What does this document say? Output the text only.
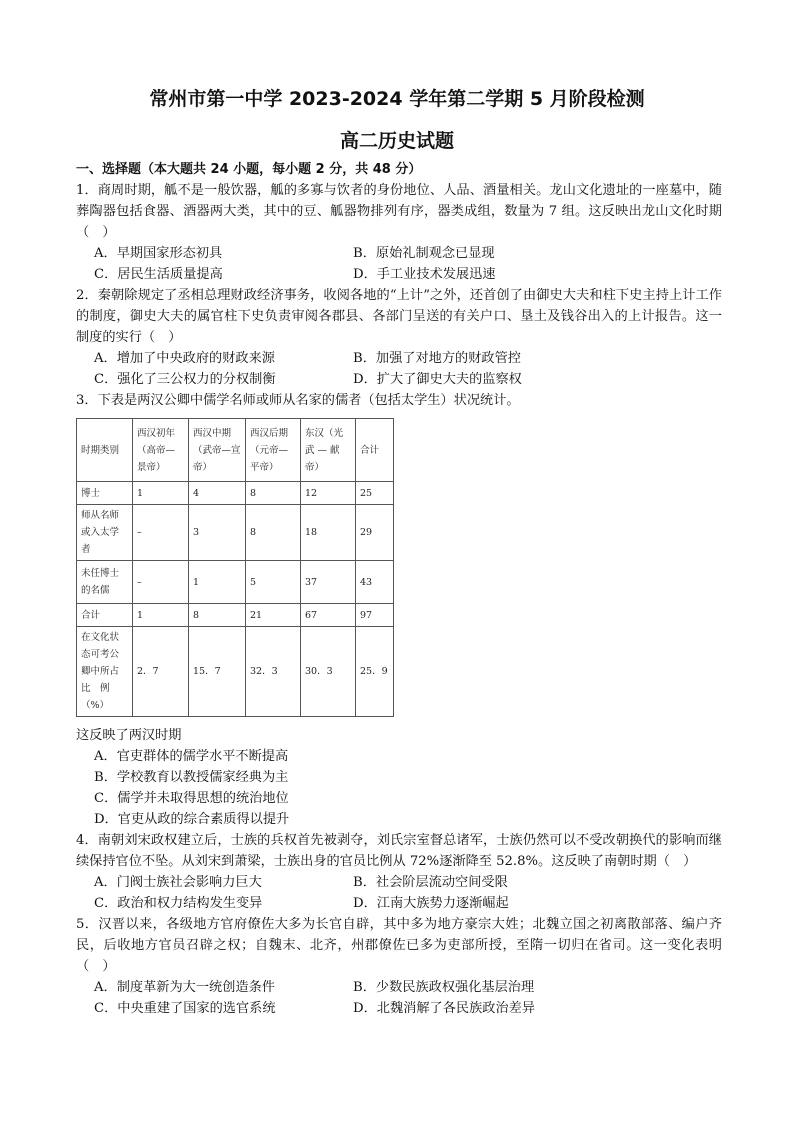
常州市第一中学 2023-2024 学年第二学期 5 月阶段检测
高二历史试题
一、选择题（本大题共 24 小题，每小题 2 分，共 48 分）
1．商周时期，觚不是一般饮器，觚的多寡与饮者的身份地位、人品、酒量相关。龙山文化遗址的一座墓中，随葬陶器包括食器、酒器两大类，其中的豆、觚器物排列有序，器类成组，数量为 7 组。这反映出龙山文化时期（　）
A．早期国家形态初具	B．原始礼制观念已显现
C．居民生活质量提高	D．手工业技术发展迅速
2．秦朝除规定了丞相总理财政经济事务，收阅各地的“上计”之外，还首创了由御史大夫和柱下史主持上计工作的制度，御史大夫的属官柱下史负责审阅各郡县、各部门呈送的有关户口、垦土及钱谷出入的上计报告。这一制度的实行（　）
A．增加了中央政府的财政来源	B．加强了对地方的财政管控
C．强化了三公权力的分权制衡	D．扩大了御史大夫的监察权
3．下表是两汉公卿中儒学名师或师从名家的儒者（包括太学生）状况统计。
时期类别	西汉初年（高帝—景帝）	西汉中期（武帝—宣帝）	西汉后期（元帝—平帝）	东汉（光武 — 献帝）	合计
博士	1	4	8	12	25
师从名师或入太学者	–	3	8	18	29
未任博士的名儒	–	1	5	37	43
合计	1	8	21	67	97
在文化状态可考公卿中所占比　例（%）	2．7	15．7	32．3	30．3	25．9
这反映了两汉时期
A．官吏群体的儒学水平不断提高
B．学校教育以教授儒家经典为主
C．儒学并未取得思想的统治地位
D．官吏从政的综合素质得以提升
4．南朝刘宋政权建立后，士族的兵权首先被剥夺，刘氏宗室督总诸军，士族仍然可以不受改朝换代的影响而继续保持官位不坠。从刘宋到萧梁，士族出身的官员比例从 72%逐渐降至 52.8%。这反映了南朝时期（　）
A．门阀士族社会影响力巨大	B．社会阶层流动空间受限
C．政治和权力结构发生变异	D．江南大族势力逐渐崛起
5．汉晋以来，各级地方官府僚佐大多为长官自辟，其中多为地方豪宗大姓；北魏立国之初离散部落、编户齐民，后收地方官员召辟之权；自魏末、北齐，州郡僚佐已多为吏部所授，至隋一切归在省司。这一变化表明（　）
A．制度革新为大一统创造条件	B．少数民族政权强化基层治理
C．中央重建了国家的选官系统	D．北魏消解了各民族政治差异
